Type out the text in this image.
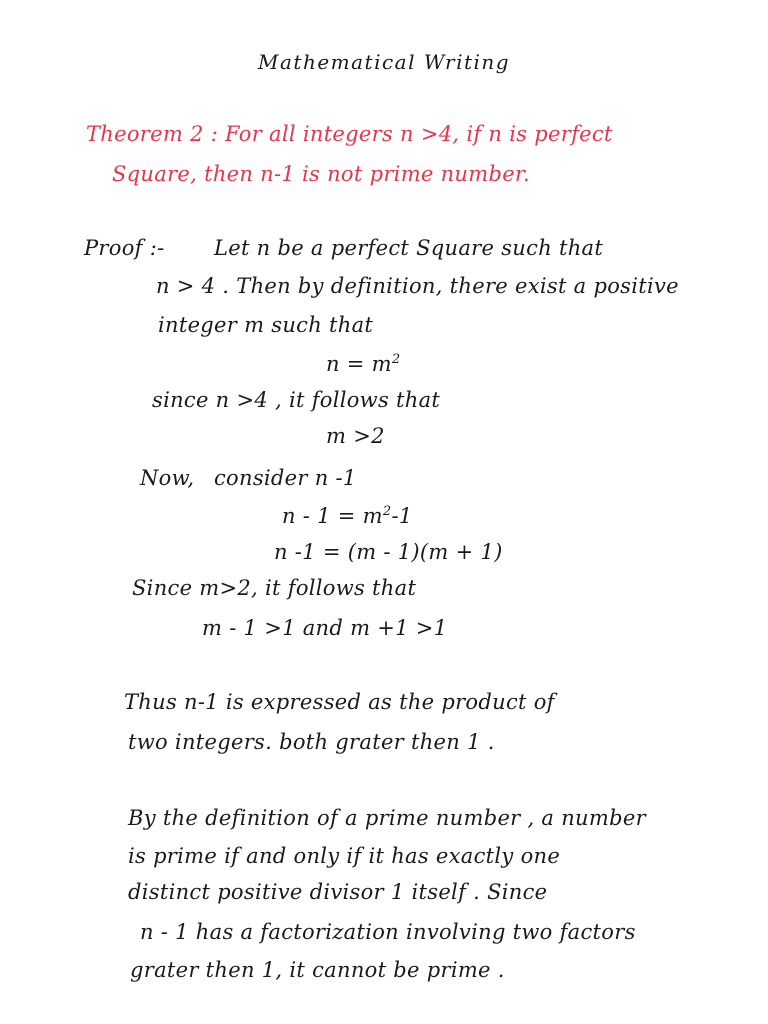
Mathematical Writing
Theorem 2 : For all integers n >4, if n is perfect
Square, then n-1 is not prime number.
Proof :- Let n be a perfect Square such that
n > 4 . Then by definition, there exist a positive
integer m such that
$n = m^2$
since n >4 , it follows that
m >2
Now, consider n -1
$n - 1 = m^2-1$
n -1 = (m - 1)(m + 1)
Since m>2, it follows that
m - 1 >1 and m +1 >1
Thus n-1 is expressed as the product of
two integers. both grater then 1 .
By the definition of a prime number , a number
is prime if and only if it has exactly one
distinct positive divisor 1 itself . Since
n - 1 has a factorization involving two factors
grater then 1, it cannot be prime .
